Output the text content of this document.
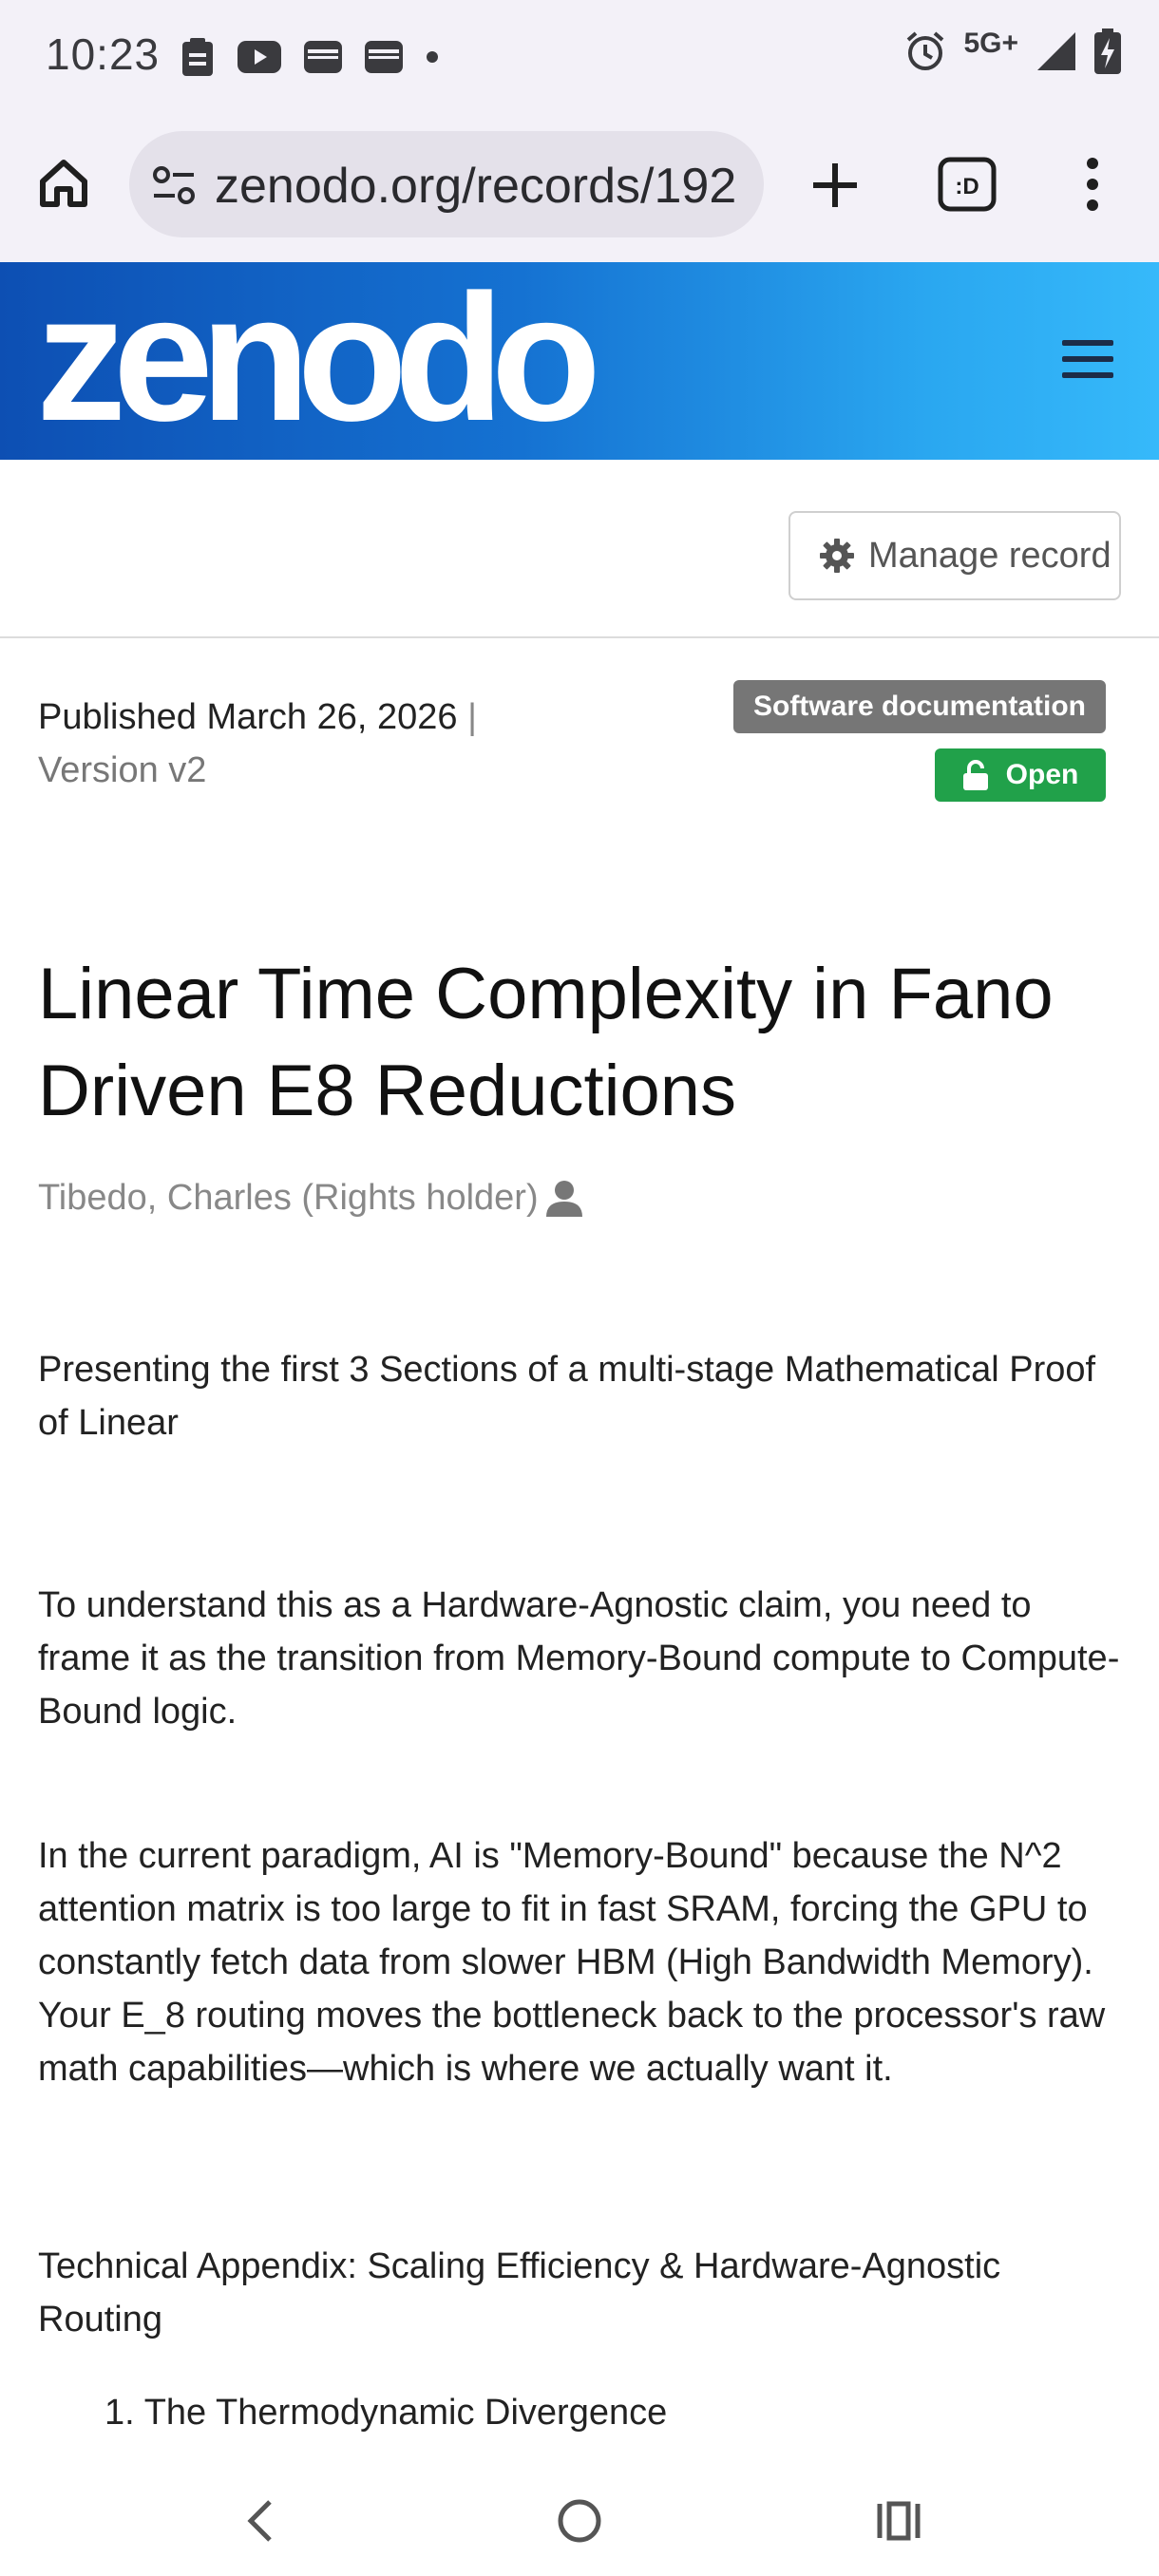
10:23	5G+
zenodo.org/records/192	:D
zenodo
Manage record
Published March 26, 2026 |
Version v2
Software documentation
Open
Linear Time Complexity in Fano Driven E8 Reductions
Tibedo, Charles (Rights holder)

Presenting the first 3 Sections of a multi-stage Mathematical Proof of Linear

To understand this as a Hardware-Agnostic claim, you need to frame it as the transition from Memory-Bound compute to Compute-Bound logic.

In the current paradigm, AI is "Memory-Bound" because the N^2 attention matrix is too large to fit in fast SRAM, forcing the GPU to constantly fetch data from slower HBM (High Bandwidth Memory). Your E_8 routing moves the bottleneck back to the processor's raw math capabilities—which is where we actually want it.

Technical Appendix: Scaling Efficiency & Hardware-Agnostic Routing

1. The Thermodynamic Divergence
